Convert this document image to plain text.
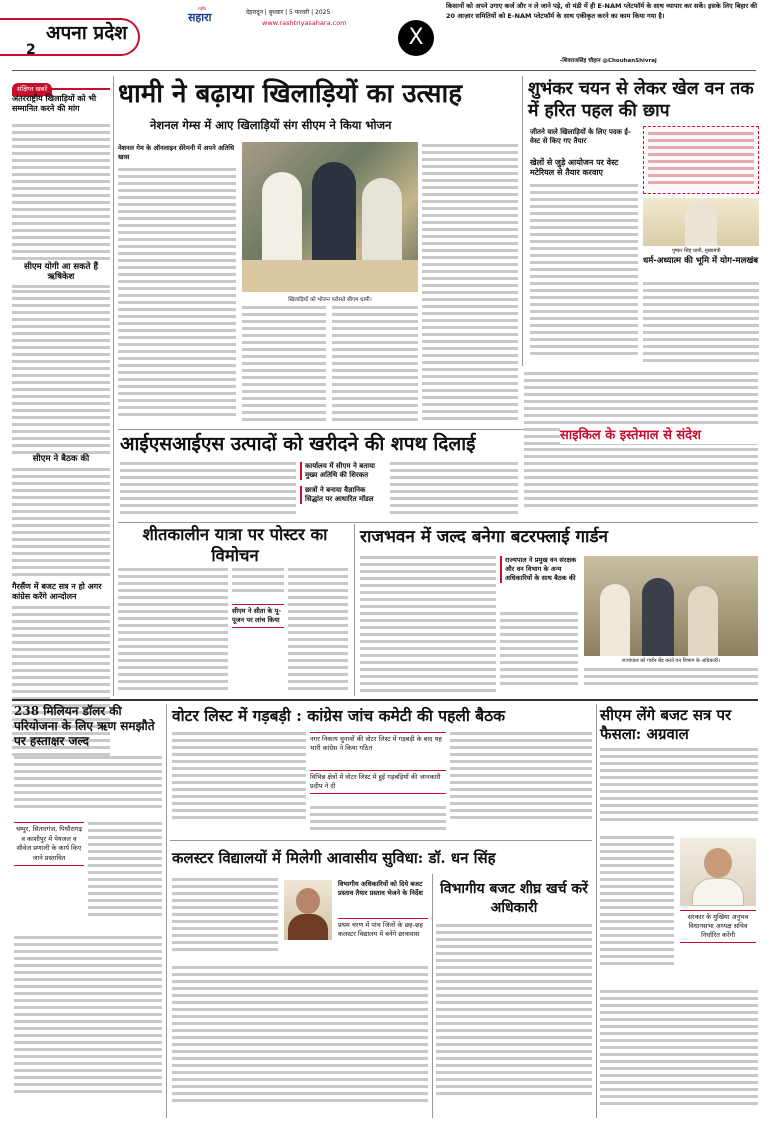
2
अपना प्रदेश
देहरादून | बुधवार | 5 फरवरी | 2025
राष्ट्रीय
सहारा	www.rashtriyasahara.com
X
किसानों को अपने उगाए कर्ज और न ले जाने पड़े, वो मंडी में ही E-NAM प्लेटफॉर्म के साथ व्यापार कर सकें। इसके लिए बिहार की 20 आज़ार समितियों को E-NAM प्लेटफॉर्म के साथ एकीकृत करने का काम किया गया है।
-शिवराजसिंह चौहान @ChouhanShivraj
संक्षिप्त खबरें
अंतरराष्ट्रीय खिलाड़ियों को भी सम्मानित करने की मांग
सीएम योगी आ सकते हैं ऋषिकेश
सीएम ने बैठक की
गैरसैंण में बजट सत्र न हो अगर कांग्रेस करेंगे आन्दोलन
धामी ने बढ़ाया खिलाड़ियों का उत्साह
नेशनल गेम्स में आए खिलाड़ियों संग सीएम ने किया भोजन
नेशनल गेम के ऑनलाइन सेरेमनी में अपने अतिथि खास
खिलाड़ियों को भोजन परोसते सीएम धामी।
शुभंकर चयन से लेकर खेल वन तक में हरित पहल की छाप
जीतने वाले खिलाड़ियों के लिए पदक ई-वेस्ट से किए गए तैयार
खेलों से जुड़े आयोजन पर वेस्ट मटेरियल से तैयार करवाए
पुष्कर सिंह धामी, मुख्यमंत्री
धर्म-अध्यात्म की भूमि में योग-मलखंब
आईएसआईएस उत्पादों को खरीदने की शपथ दिलाई
कार्यालय में सीएम ने बताया मुख्य अतिथि की शिरकत
छात्रों ने बनाया वैज्ञानिक सिद्धांत पर आधारित मॉडल
साइकिल के इस्तेमाल से संदेश
शीतकालीन यात्रा पर पोस्टर का विमोचन
सीएम ने सीता के पू-पूजन पर लांच किया
राजभवन में जल्द बनेगा बटरफ्लाई गार्डन
राज्यपाल ने प्रमुख वन संरक्षक और वन विभाग के अन्य अधिकारियों के साथ बैठक की
राज्यपाल को गार्डन बेंड करते वन विभाग के अधिकारी।
238 मिलियन डॉलर की परियोजना के लिए ऋण समझौते पर हस्ताक्षर जल्द
चम्पुर, सितारगंज, पिथौरागढ़ व काशीपुर में पेयजल व सीवेज प्रणाली के कार्य किए जाने प्रस्तावित
वोटर लिस्ट में गड़बड़ी : कांग्रेस जांच कमेटी की पहली बैठक
नगर निकाय चुनावों की वोटर लिस्ट में गड़बड़ी के बाद यह भारी कांग्रेस ने किया गठित
विभिन्न क्षेत्रों में वोटर लिस्ट में हुई गड़बड़ियों की जानकारी प्रदीप ने दी
सीएम लेंगे बजट सत्र पर फैसला: अग्रवाल
सरकार के मुखिया अनुभव विधानसभा अध्यक्ष सचिव निर्धारित करेंगी
कलस्टर विद्यालयों में मिलेगी आवासीय सुविधा: डॉ. धन सिंह
विभागीय अधिकारियों को दिये बजट प्रस्ताव तैयार प्रस्ताव भेजने के निर्देश
प्रथम चरण में पांच जिलों के छह-छह कलस्टर विद्यालय में बनेंगे छात्रावास
विभागीय बजट शीघ्र खर्च करें अधिकारी
